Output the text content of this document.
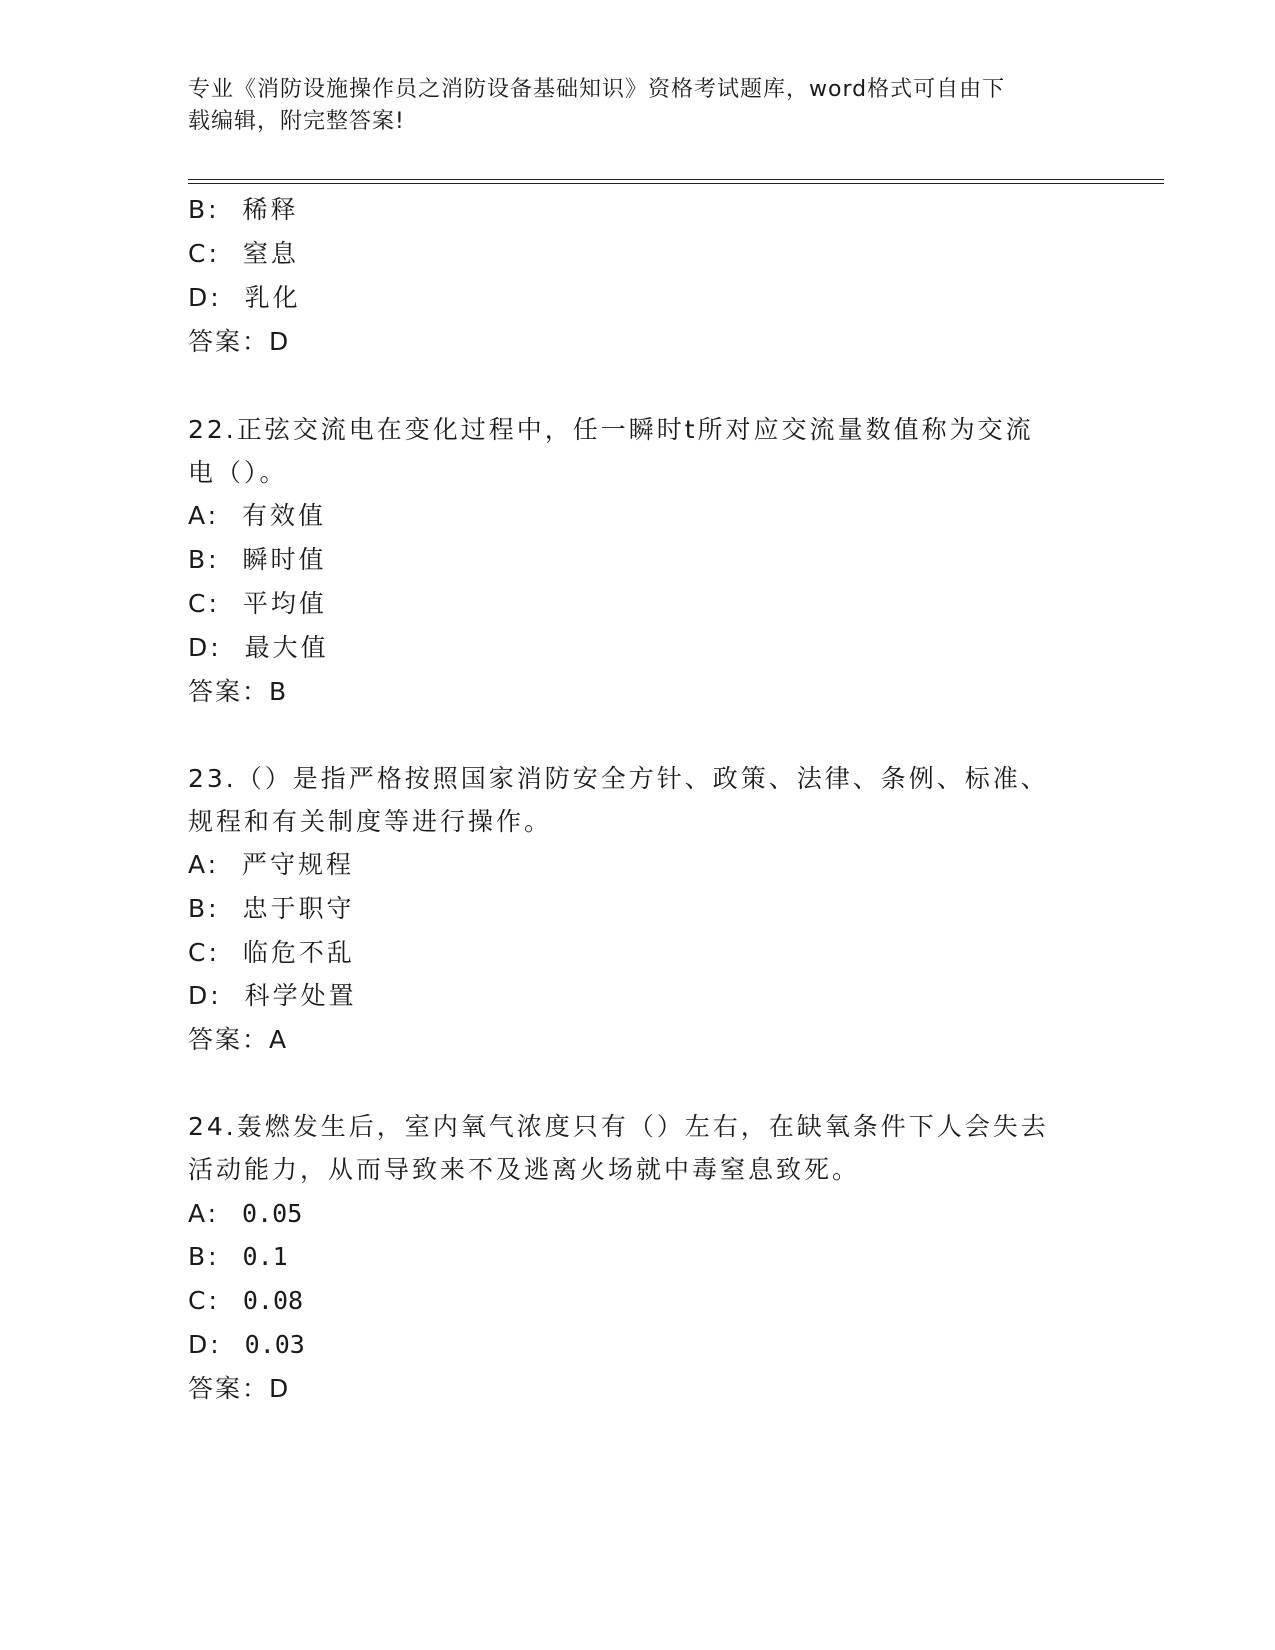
专业《消防设施操作员之消防设备基础知识》资格考试题库，word格式可自由下
载编辑，附完整答案!
B: 稀释
C: 窒息
D: 乳化
答案：D
22.正弦交流电在变化过程中，任一瞬时t所对应交流量数值称为交流
电（）。
A: 有效值
B: 瞬时值
C: 平均值
D: 最大值
答案：B
23.（）是指严格按照国家消防安全方针、政策、法律、条例、标准、
规程和有关制度等进行操作。
A: 严守规程
B: 忠于职守
C: 临危不乱
D: 科学处置
答案：A
24.轰燃发生后，室内氧气浓度只有（）左右，在缺氧条件下人会失去
活动能力，从而导致来不及逃离火场就中毒窒息致死。
A: 0.05
B: 0.1
C: 0.08
D: 0.03
答案：D
